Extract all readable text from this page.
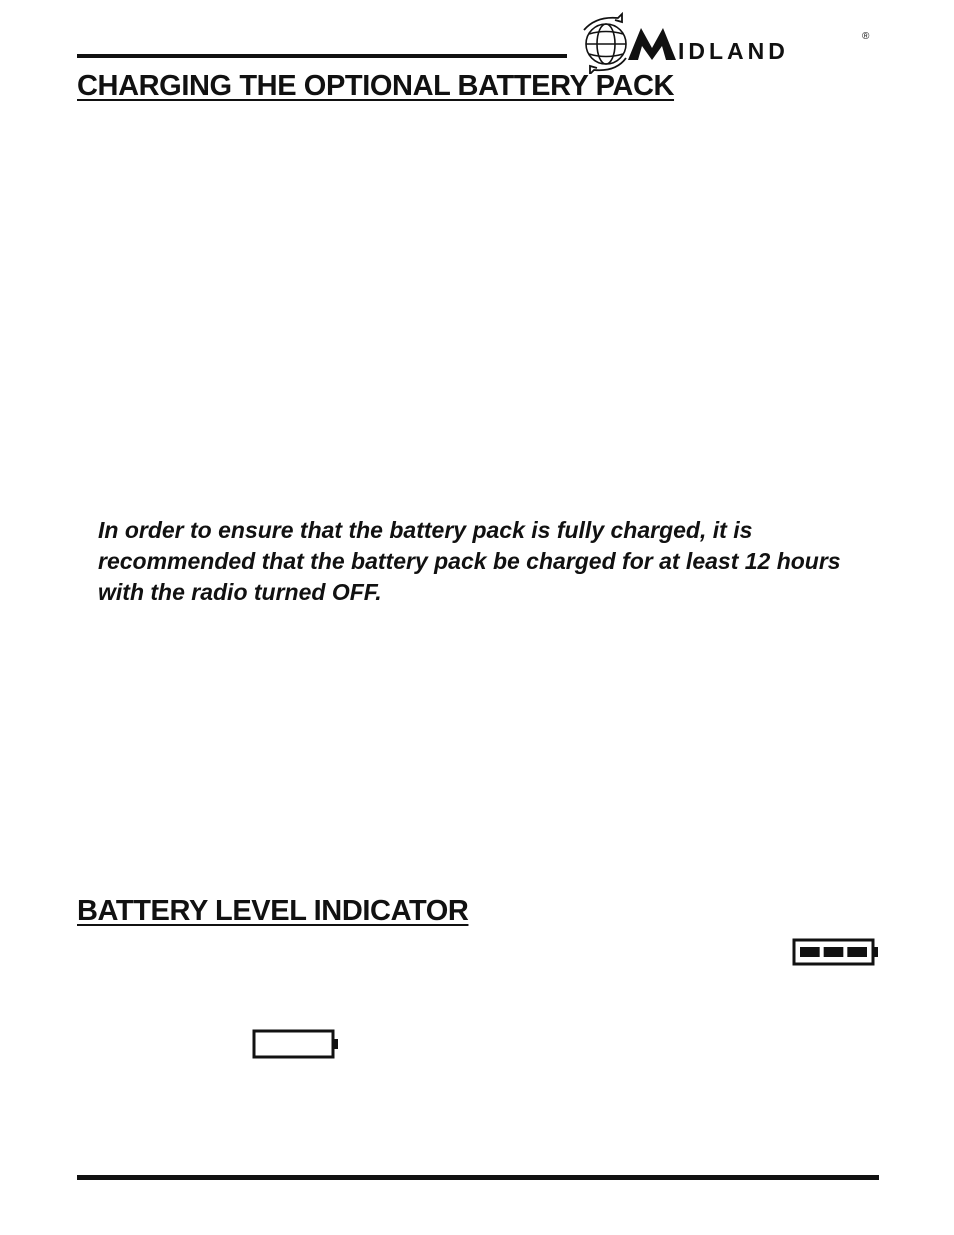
IDLAND
®
CHARGING THE OPTIONAL BATTERY PACK

In order to ensure that the battery pack is fully charged, it is recommended that the battery pack be charged for at least 12 hours with the radio turned OFF.

BATTERY LEVEL INDICATOR
